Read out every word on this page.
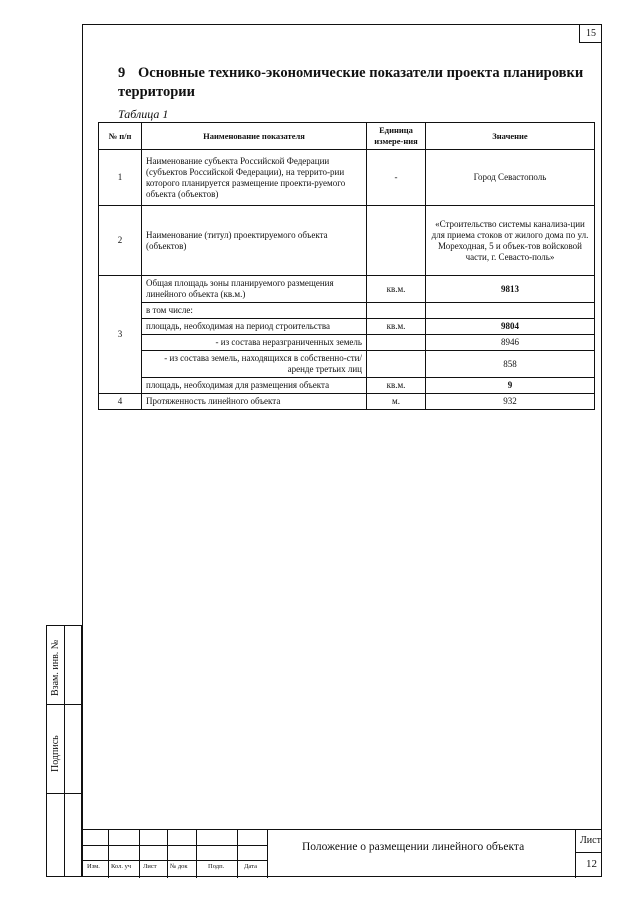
15
9 Основные технико-экономические показатели проекта планировки территории
Таблица 1
№ п/п	Наименование показателя	Единица измере-ния	Значение
1	Наименование субъекта Российской Федерации (субъектов Российской Федерации), на террито-рии которого планируется размещение проекти-руемого объекта (объектов)	-	Город Севастополь
2	Наименование (титул) проектируемого объекта (объектов)		«Строительство системы канализа-ции для приема стоков от жилого дома по ул. Мореходная, 5 и объек-тов войсковой части, г. Севасто-поль»
3	Общая площадь зоны планируемого размещения линейного объекта (кв.м.)	кв.м.	9813
	в том числе:		
	площадь, необходимая на период строительства	кв.м.	9804
	- из состава неразграниченных земель		8946
	- из состава земель, находящихся в собственно-сти/аренде третьих лиц		858
	площадь, необходимая для размещения объекта	кв.м.	9
4	Протяженность линейного объекта	м.	932
Взам. инв. №
Подпись
Изм. Кол. уч Лист № док	Подп.	Дата
Положение о размещении линейного объекта
Лист
12
